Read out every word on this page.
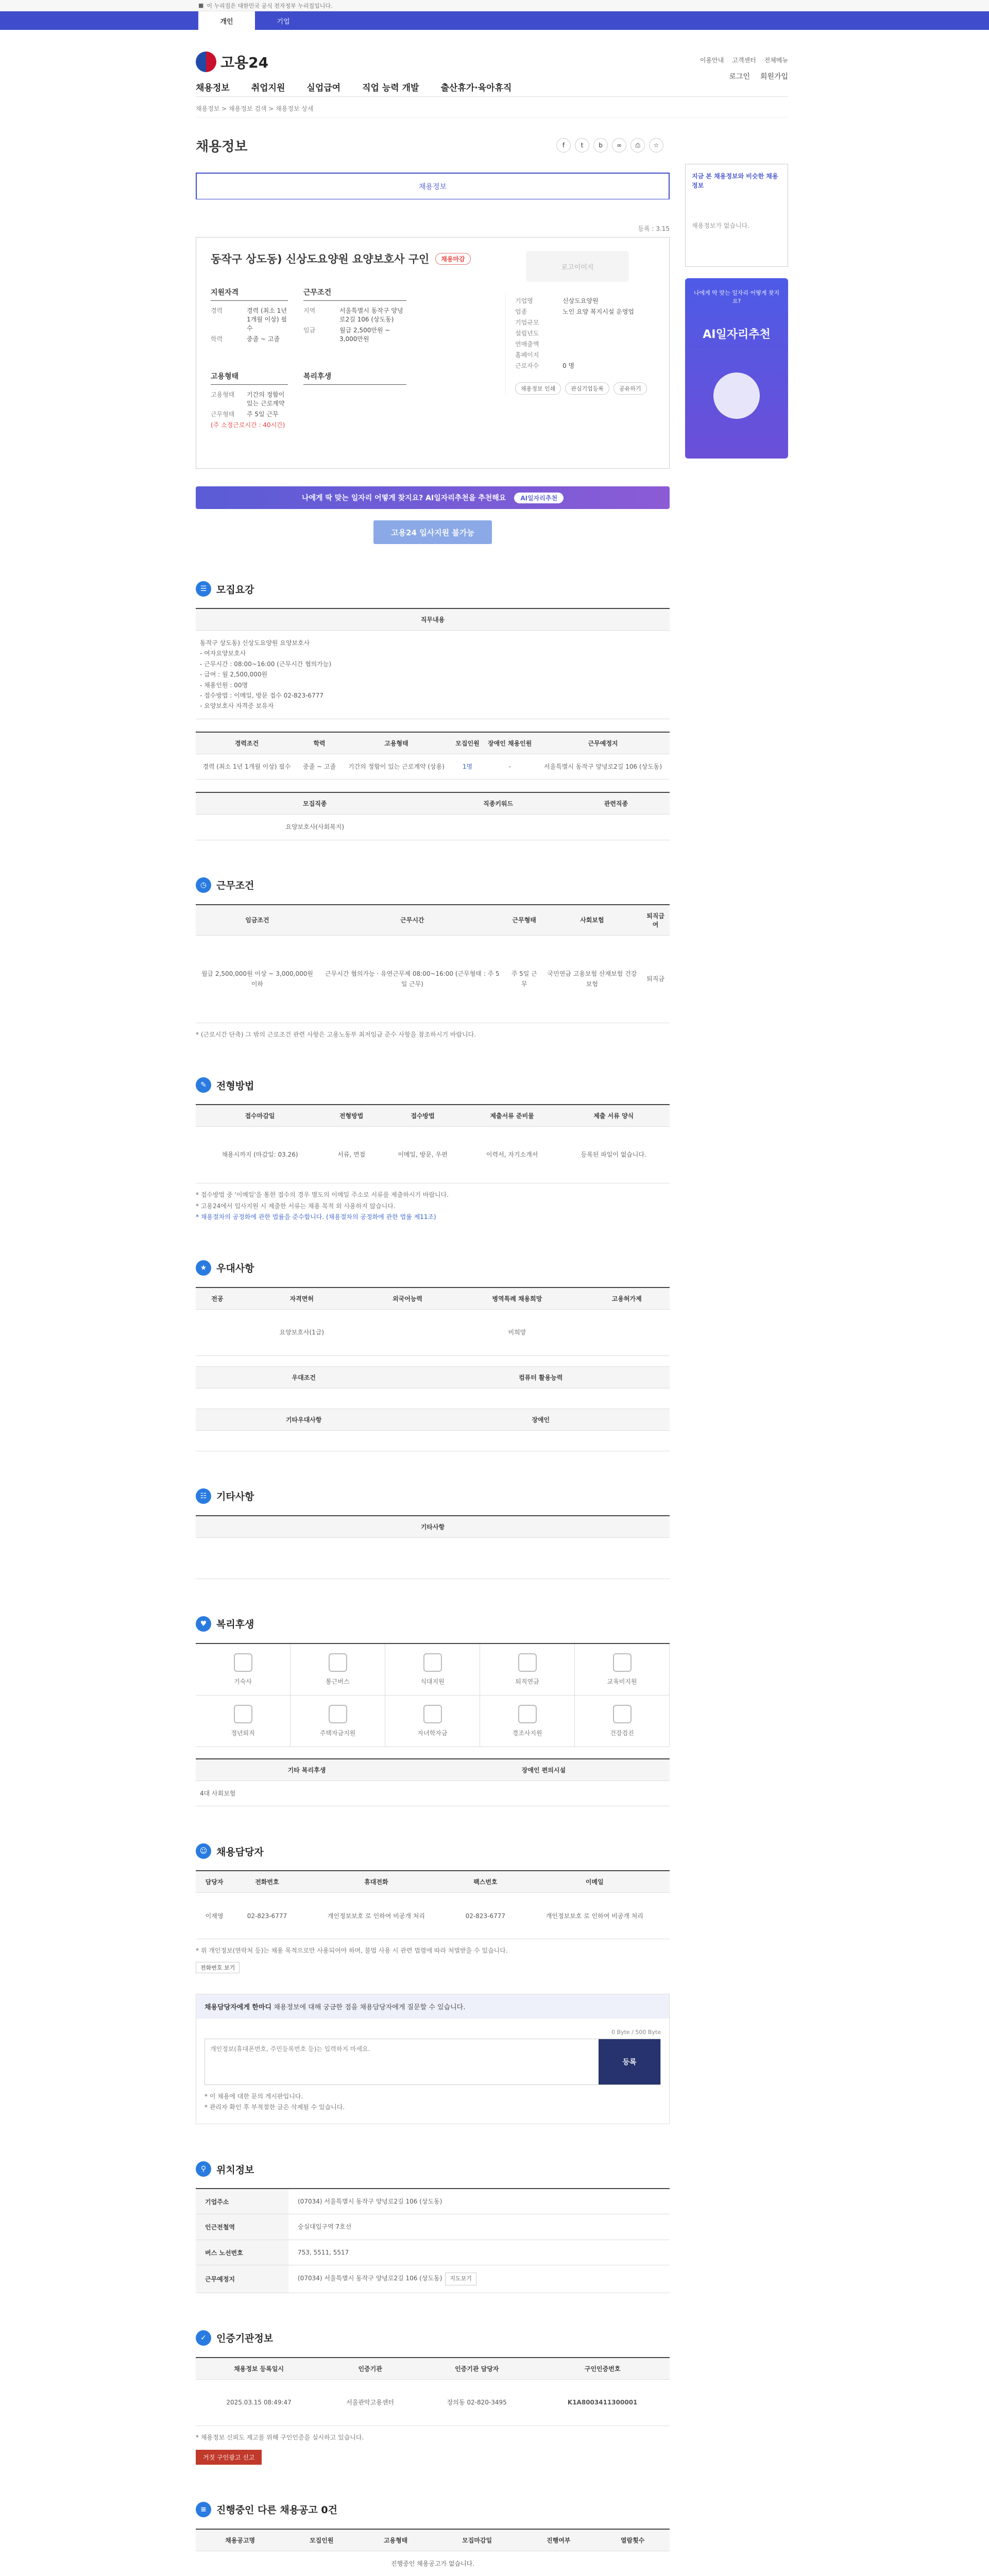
■ 이 누리집은 대한민국 공식 전자정부 누리집입니다.
개인	기업
고용24	이용안내 고객센터 전체메뉴
로그인 회원가입
채용정보 취업지원 실업급여 직업 능력 개발 출산휴가·육아휴직
채용정보 > 채용정보 검색 > 채용정보 상세
지금 본 채용정보와 비슷한 채용정보

채용정보가 없습니다.

나에게 딱 맞는 일자리 어떻게 찾지요?

AI일자리추천

채용정보	f	t	b	∞	⎙	☆
채용정보
등록 : 3.15
동작구 상도동) 신상도요양원 요양보호사 구인	채용마감
로고이미지
지원자격
경력	경력 (최소 1년 1개월 이상) 필수
학력	중졸 ~ 고졸
근무조건
지역	서울특별시 동작구 양녕로2길 106 (상도동)
임금	월급 2,500만원 ~ 3,000만원
고용형태
고용형태	기간의 정함이 있는 근로계약
근무형태	주 5일 근무
(주 소정근로시간 : 40시간)
복리후생
기업명	신상도요양원
업종	노인 요양 복지시설 운영업
기업규모
설립년도
연매출액
홈페이지
근로자수	0 명
채용정보 인쇄	관심기업등록	공유하기
나에게 딱 맞는 일자리 어떻게 찾지요? AI일자리추천을 추천해요	AI일자리추천
고용24 입사지원 불가능
☰ 모집요강
직무내용

동작구 상도동) 신상도요양원 요양보호사

- 여자요양보호사

- 근무시간 : 08:00~16:00 (근무시간 협의가능)

- 급여 : 월 2,500,000원

- 채용인원 : 00명

- 접수방법 : 이메일, 방문 접수 02-823-6777

- 요양보호사 자격증 보유자

경력조건	학력	고용형태	모집인원	장애인 채용인원	근무예정지
경력 (최소 1년 1개월 이상) 필수	중졸 ~ 고졸	기간의 정함이 있는 근로계약 (상용)	1명	-	서울특별시 동작구 양녕로2길 106 (상도동)
모집직종	직종키워드	관련직종
요양보호사(사회복지)		
◷ 근무조건
임금조건	근무시간	근무형태	사회보험	퇴직급여
월급 2,500,000원 이상 ~ 3,000,000원 이하	근무시간 협의가능 · 유연근무제 08:00~16:00 (근무형태 : 주 5일 근무)	주 5일 근무	국민연금 고용보험 산재보험 건강보험	퇴직금

* (근로시간 단축) 그 밖의 근로조건 관련 사항은 고용노동부 최저임금 준수 사항을 참조하시기 바랍니다.

✎	전형방법
접수마감일	전형방법	접수방법	제출서류 준비물	제출 서류 양식
채용시까지 (마감일: 03.26)	서류, 면접	이메일, 방문, 우편	이력서, 자기소개서	등록된 파일이 없습니다.

* 접수방법 중 '이메일'을 통한 접수의 경우 별도의 이메일 주소로 서류를 제출하시기 바랍니다.

* 고용24에서 입사지원 시 제출한 서류는 채용 목적 외 사용하지 않습니다.

* 채용절차의 공정화에 관한 법률을 준수합니다. (채용절차의 공정화에 관한 법률 제11조)

★ 우대사항
전공	자격면허	외국어능력	병역특례 채용희망	고용허가제
	요양보호사(1급)		비희망	
우대조건	컴퓨터 활용능력

기타우대사항	장애인

☷ 기타사항
기타사항

♥ 복리후생
기숙사	통근버스	식대지원	퇴직연금	교육비지원
정년퇴직	주택자금지원	자녀학자금	경조사지원	건강검진
기타 복리후생	장애인 편의시설
4대 사회보험	
☺ 채용담당자
담당자	전화번호	휴대전화	팩스번호	이메일
이재영	02-823-6777	개인정보보호 로 인하여 비공개 처리	02-823-6777	개인정보보호 로 인하여 비공개 처리

* 위 개인정보(연락처 등)는 채용 목적으로만 사용되어야 하며, 불법 사용 시 관련 법령에 따라 처벌받을 수 있습니다.

전화번호 보기
채용담당자에게 한마디 채용정보에 대해 궁금한 점을 채용담당자에게 질문할 수 있습니다.

0 Byte / 500 Byte

개인정보(휴대폰번호, 주민등록번호 등)는 입력하지 마세요.
등록

* 이 채용에 대한 문의 게시판입니다.

* 관리자 확인 후 부적절한 글은 삭제될 수 있습니다.

⚲	위치정보
기업주소	(07034) 서울특별시 동작구 양녕로2길 106 (상도동)
인근전철역	숭실대입구역 7호선
버스 노선번호	753, 5511, 5517
근무예정지	(07034) 서울특별시 동작구 양녕로2길 106 (상도동) 지도보기
✓	인증기관정보
채용정보 등록일시	인증기관	인증기관 담당자	구인인증번호
2025.03.15 08:49:47	서울관악고용센터	장의동 02-820-3495	K1A8003411300001

* 채용정보 신뢰도 제고를 위해 구인인증을 실시하고 있습니다.

거짓 구인광고 신고
≡	진행중인 다른 채용공고 0건
채용공고명	모집인원	고용형태	모집마감일	진행여부	열람횟수
진행중인 채용공고가 없습니다.
